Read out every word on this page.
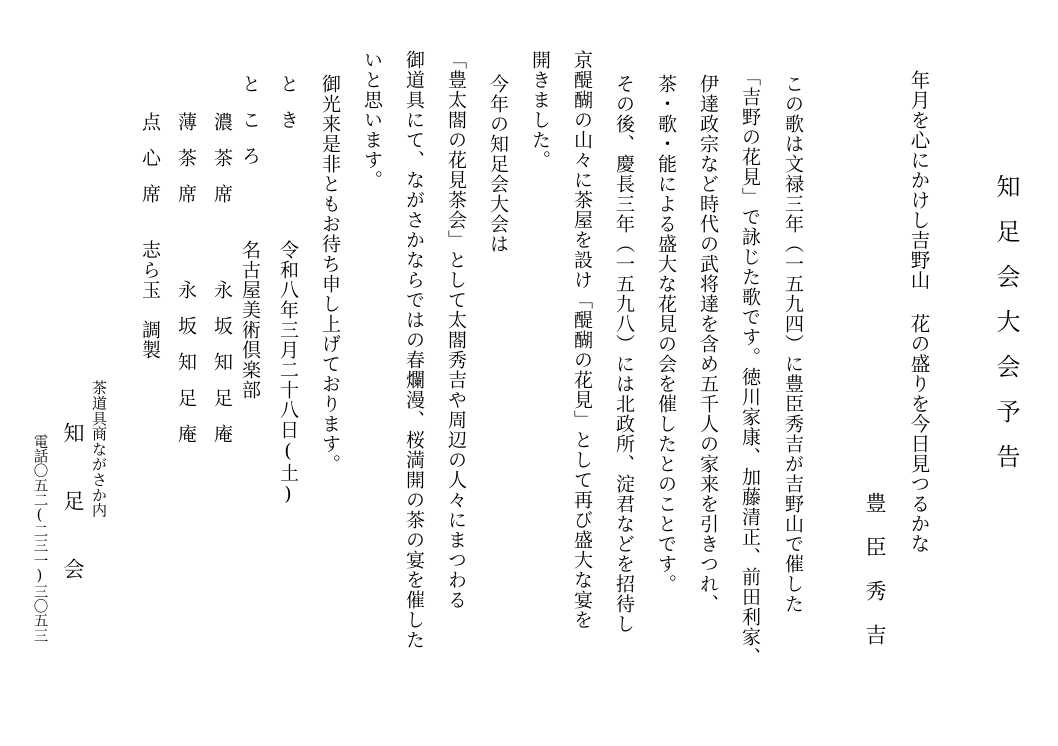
知足会大会予告
年月を心にかけし吉野山 花の盛りを今日見つるかな
豊臣秀吉
この歌は文禄三年（一五九四）に豊臣秀吉が吉野山で催した
「吉野の花見」で詠じた歌です。徳川家康、加藤清正、前田利家、
伊達政宗など時代の武将達を含め五千人の家来を引きつれ、
茶・歌・能による盛大な花見の会を催したとのことです。
その後、慶長三年（一五九八）には北政所、淀君などを招待し
京醍醐の山々に茶屋を設け「醍醐の花見」として再び盛大な宴を
開きました。
今年の知足会大会は
「豊太閤の花見茶会」として太閤秀吉や周辺の人々にまつわる
御道具にて、ながさかならではの春爛漫、桜満開の茶の宴を催した
いと思います。
御光来是非ともお待ち申し上げております。
とき
令和八年三月二十八日(土)
ところ
名古屋美術倶楽部
濃茶席
永坂知足庵
薄茶席
永坂知足庵
点心席
志ら玉　調製
茶道具商ながさか内
知足会
電話〇五二(二三一)三〇五三
